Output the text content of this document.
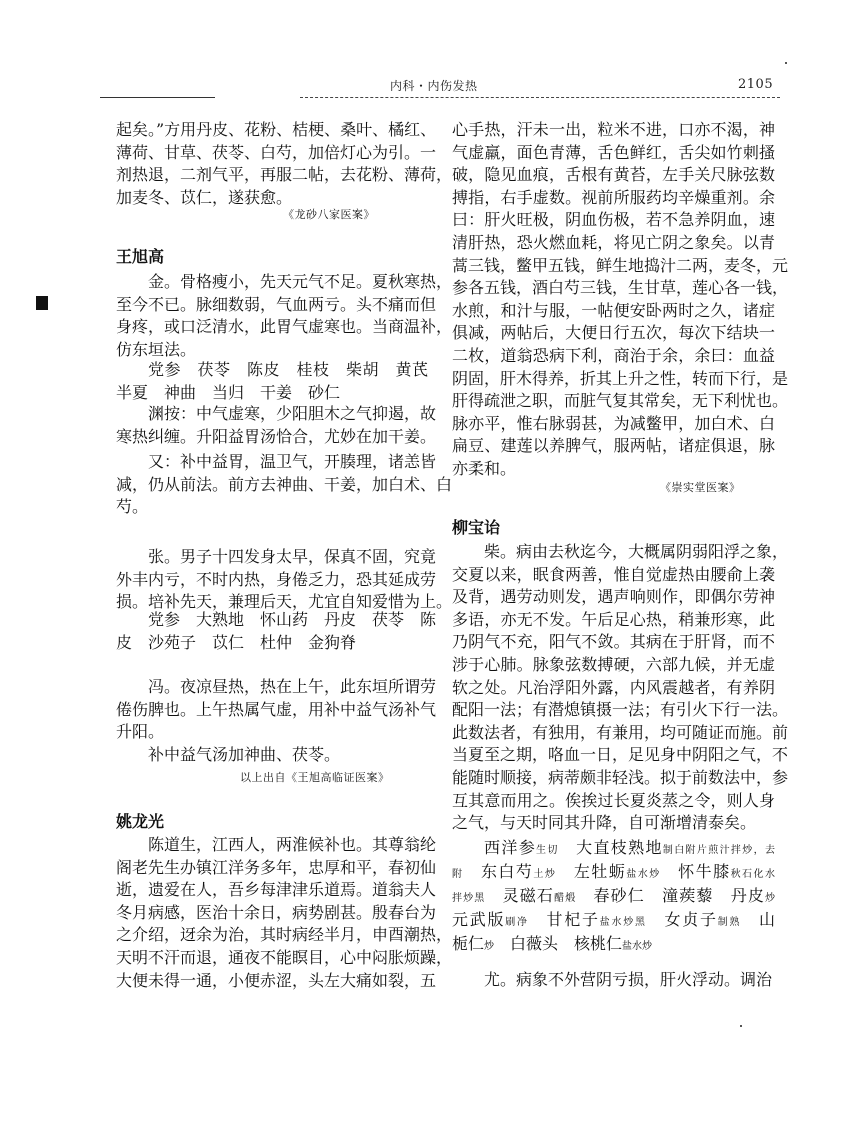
内科・内伤发热	2105
起矣。”方用丹皮、花粉、桔梗、桑叶、橘红、
薄荷、甘草、茯苓、白芍，加倍灯心为引。一
剂热退，二剂气平，再服二帖，去花粉、薄荷，
加麦冬、苡仁，遂获愈。
《龙砂八家医案》
王旭高
金。骨格瘦小，先天元气不足。夏秋寒热，
至今不已。脉细数弱，气血两亏。头不痛而但
身疼，或口泛清水，此胃气虚寒也。当商温补，
仿东垣法。
党参　茯苓　陈皮　桂枝　柴胡　黄芪
半夏　神曲　当归　干姜　砂仁
渊按：中气虚寒，少阳胆木之气抑遏，故
寒热纠缠。升阳益胃汤恰合，尤妙在加干姜。
又：补中益胃，温卫气，开腠理，诸恙皆
减，仍从前法。前方去神曲、干姜，加白术、白
芍。
张。男子十四发身太早，保真不固，究竟
外丰内亏，不时内热，身倦乏力，恐其延成劳
损。培补先天，兼理后天，尤宜自知爱惜为上。
党参　大熟地　怀山药　丹皮　茯苓　陈
皮　沙苑子　苡仁　杜仲　金狗脊
冯。夜凉昼热，热在上午，此东垣所谓劳
倦伤脾也。上午热属气虚，用补中益气汤补气
升阳。
补中益气汤加神曲、茯苓。
以上出自《王旭高临证医案》
姚龙光
陈道生，江西人，两淮候补也。其尊翁纶
阁老先生办镇江洋务多年，忠厚和平，春初仙
逝，遗爱在人，吾乡每津津乐道焉。道翁夫人
冬月病感，医治十余日，病势剧甚。殷春台为
之介绍，迓余为治，其时病经半月，申酉潮热，
天明不汗而退，通夜不能瞑目，心中闷胀烦躁，
大便未得一通，小便赤涩，头左大痛如裂，五
心手热，汗未一出，粒米不进，口亦不渴，神
气虚羸，面色青薄，舌色鲜红，舌尖如竹刺搔
破，隐见血痕，舌根有黄苔，左手关尺脉弦数
搏指，右手虚数。视前所服药均辛燥重剂。余
曰：肝火旺极，阴血伤极，若不急养阴血，速
清肝热，恐火燃血耗，将见亡阴之象矣。以青
蒿三钱，鳖甲五钱，鲜生地捣汁二两，麦冬，元
参各五钱，酒白芍三钱，生甘草，莲心各一钱，
水煎，和汁与服，一帖便安卧两时之久，诸症
俱减，两帖后，大便日行五次，每次下结块一
二枚，道翁恐病下利，商治于余，余曰：血益
阴固，肝木得养，折其上升之性，转而下行，是
肝得疏泄之职，而脏气复其常矣，无下利忧也。
脉亦平，惟右脉弱甚，为减鳖甲，加白术、白
扁豆、建莲以养脾气，服两帖，诸症俱退，脉
亦柔和。
《崇实堂医案》
柳宝诒
柴。病由去秋迄今，大概属阴弱阳浮之象，
交夏以来，眠食两善，惟自觉虚热由腰俞上袭
及背，遇劳动则发，遇声响则作，即偶尔劳神
多语，亦无不发。午后足心热，稍兼形寒，此
乃阴气不充，阳气不敛。其病在于肝肾，而不
涉于心肺。脉象弦数搏硬，六部九候，并无虚
软之处。凡治浮阳外露，内风震越者，有养阴
配阳一法；有潜熄镇摄一法；有引火下行一法。
此数法者，有独用，有兼用，均可随证而施。前
当夏至之期，咯血一日，足见身中阴阳之气，不
能随时顺接，病蒂颇非轻浅。拟于前数法中，参
互其意而用之。俟挨过长夏炎蒸之令，则人身
之气，与天时同其升降，自可渐增清泰矣。
西洋参生切　大直枝熟地制白附片煎汁拌炒，去
附　东白芍土炒　左牡蛎盐水炒　怀牛膝秋石化水
拌炒黑　灵磁石醋煅　春砂仁　潼蒺藜　丹皮炒
元武版刷净　甘杞子盐水炒黑　女贞子制熟　山
栀仁炒　白薇头　核桃仁盐水炒
尤。病象不外营阴亏损，肝火浮动。调治
